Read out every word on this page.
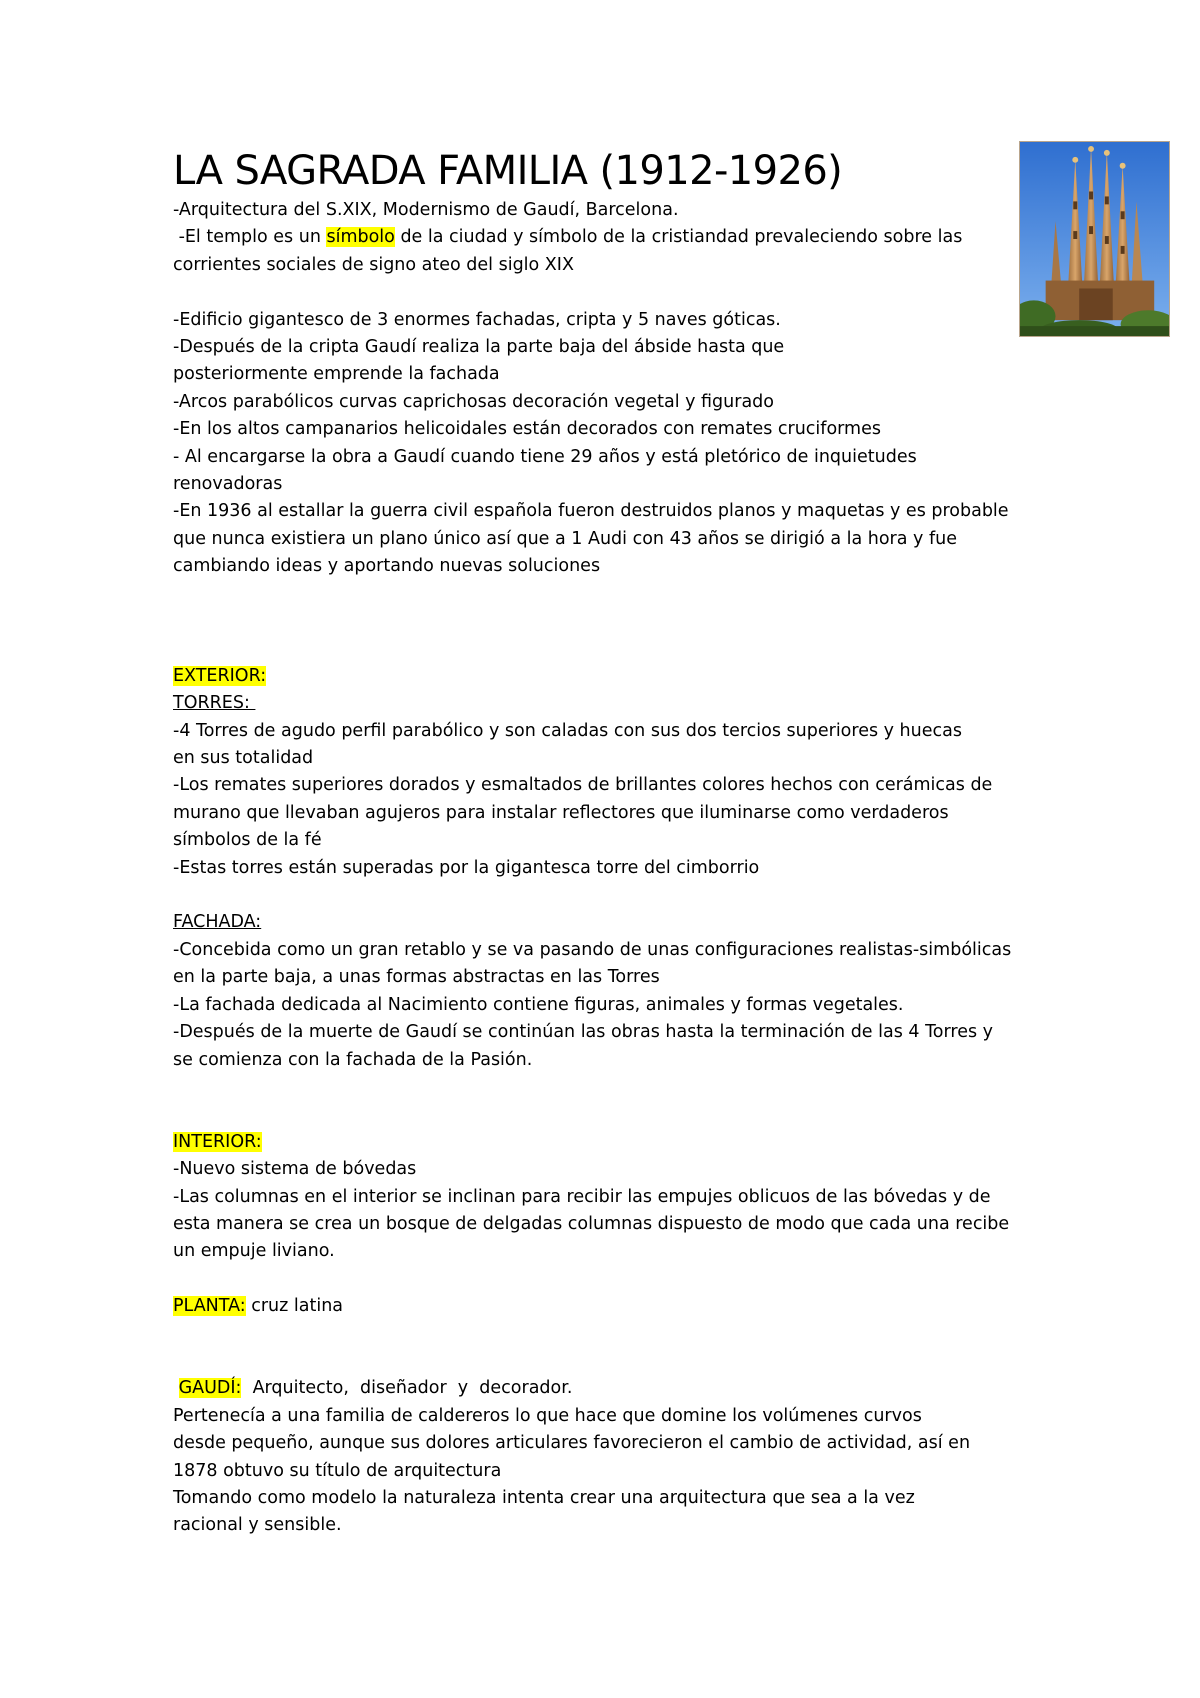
LA SAGRADA FAMILIA (1912-1926)
-Arquitectura del S.XIX, Modernismo de Gaudí, Barcelona.
-El templo es un símbolo de la ciudad y símbolo de la cristiandad prevaleciendo sobre las
corrientes sociales de signo ateo del siglo XIX
-Edificio gigantesco de 3 enormes fachadas, cripta y 5 naves góticas.
-Después de la cripta Gaudí realiza la parte baja del ábside hasta que
posteriormente emprende la fachada
-Arcos parabólicos curvas caprichosas decoración vegetal y figurado
-En los altos campanarios helicoidales están decorados con remates cruciformes
- Al encargarse la obra a Gaudí cuando tiene 29 años y está pletórico de inquietudes
renovadoras
-En 1936 al estallar la guerra civil española fueron destruidos planos y maquetas y es probable
que nunca existiera un plano único así que a 1 Audi con 43 años se dirigió a la hora y fue
cambiando ideas y aportando nuevas soluciones
EXTERIOR:
TORRES:
-4 Torres de agudo perfil parabólico y son caladas con sus dos tercios superiores y huecas
en sus totalidad
-Los remates superiores dorados y esmaltados de brillantes colores hechos con cerámicas de
murano que llevaban agujeros para instalar reflectores que iluminarse como verdaderos
símbolos de la fé
-Estas torres están superadas por la gigantesca torre del cimborrio
FACHADA:
-Concebida como un gran retablo y se va pasando de unas configuraciones realistas-simbólicas
en la parte baja, a unas formas abstractas en las Torres
-La fachada dedicada al Nacimiento contiene figuras, animales y formas vegetales.
-Después de la muerte de Gaudí se continúan las obras hasta la terminación de las 4 Torres y
se comienza con la fachada de la Pasión.
INTERIOR:
-Nuevo sistema de bóvedas
-Las columnas en el interior se inclinan para recibir las empujes oblicuos de las bóvedas y de
esta manera se crea un bosque de delgadas columnas dispuesto de modo que cada una recibe
un empuje liviano.
PLANTA: cruz latina
GAUDÍ:  Arquitecto,  diseñador  y  decorador.
Pertenecía a una familia de caldereros lo que hace que domine los volúmenes curvos
desde pequeño, aunque sus dolores articulares favorecieron el cambio de actividad, así en
1878 obtuvo su título de arquitectura
Tomando como modelo la naturaleza intenta crear una arquitectura que sea a la vez
racional y sensible.
